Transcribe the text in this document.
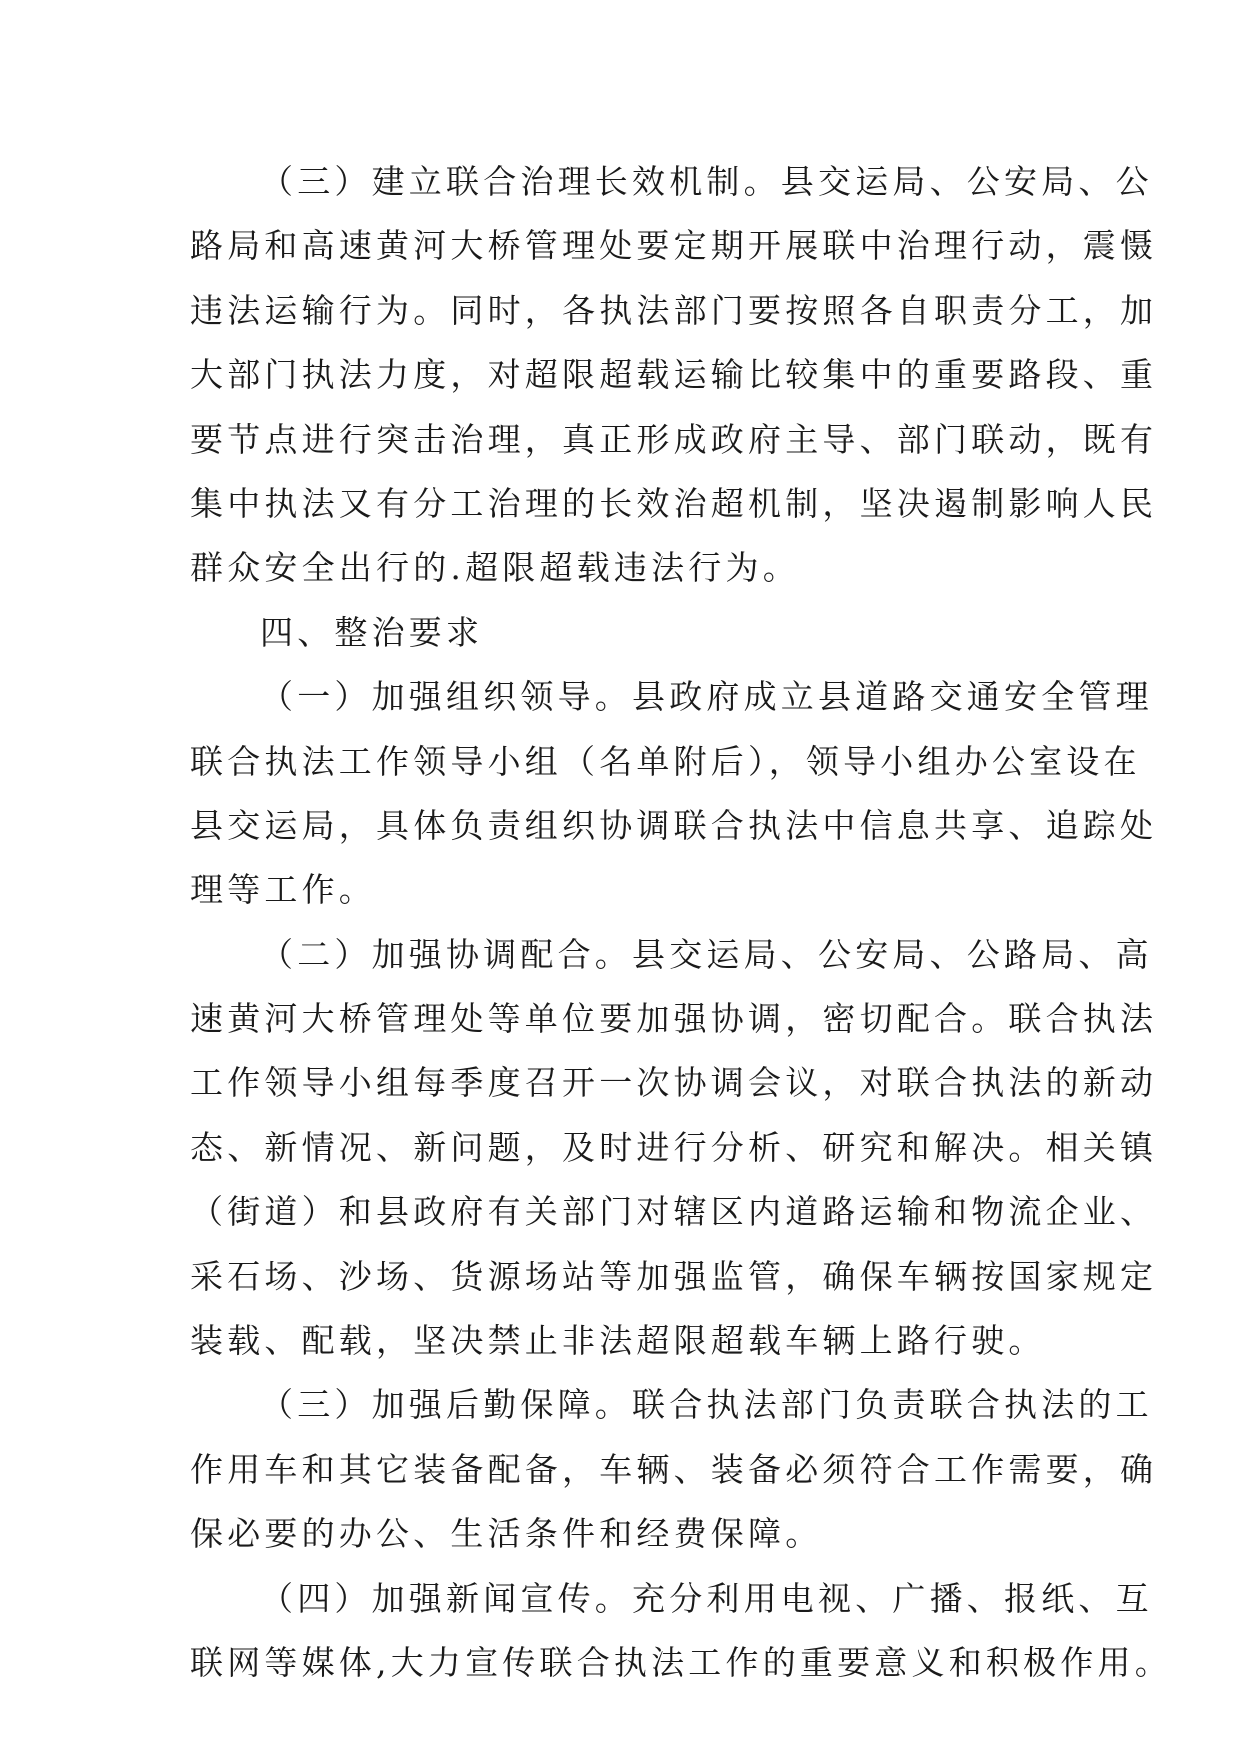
（三）建立联合治理长效机制。县交运局、公安局、公
路局和高速黄河大桥管理处要定期开展联中治理行动，震慑
违法运输行为。同时，各执法部门要按照各自职责分工，加
大部门执法力度，对超限超载运输比较集中的重要路段、重
要节点进行突击治理，真正形成政府主导、部门联动，既有
集中执法又有分工治理的长效治超机制，坚决遏制影响人民
群众安全出行的.超限超载违法行为。
四、整治要求
（一）加强组织领导。县政府成立县道路交通安全管理
联合执法工作领导小组（名单附后），领导小组办公室设在
县交运局，具体负责组织协调联合执法中信息共享、追踪处
理等工作。
（二）加强协调配合。县交运局、公安局、公路局、高
速黄河大桥管理处等单位要加强协调，密切配合。联合执法
工作领导小组每季度召开一次协调会议，对联合执法的新动
态、新情况、新问题，及时进行分析、研究和解决。相关镇
（街道）和县政府有关部门对辖区内道路运输和物流企业、
采石场、沙场、货源场站等加强监管，确保车辆按国家规定
装载、配载，坚决禁止非法超限超载车辆上路行驶。
（三）加强后勤保障。联合执法部门负责联合执法的工
作用车和其它装备配备，车辆、装备必须符合工作需要，确
保必要的办公、生活条件和经费保障。
（四）加强新闻宣传。充分利用电视、广播、报纸、互
联网等媒体,大力宣传联合执法工作的重要意义和积极作用。
